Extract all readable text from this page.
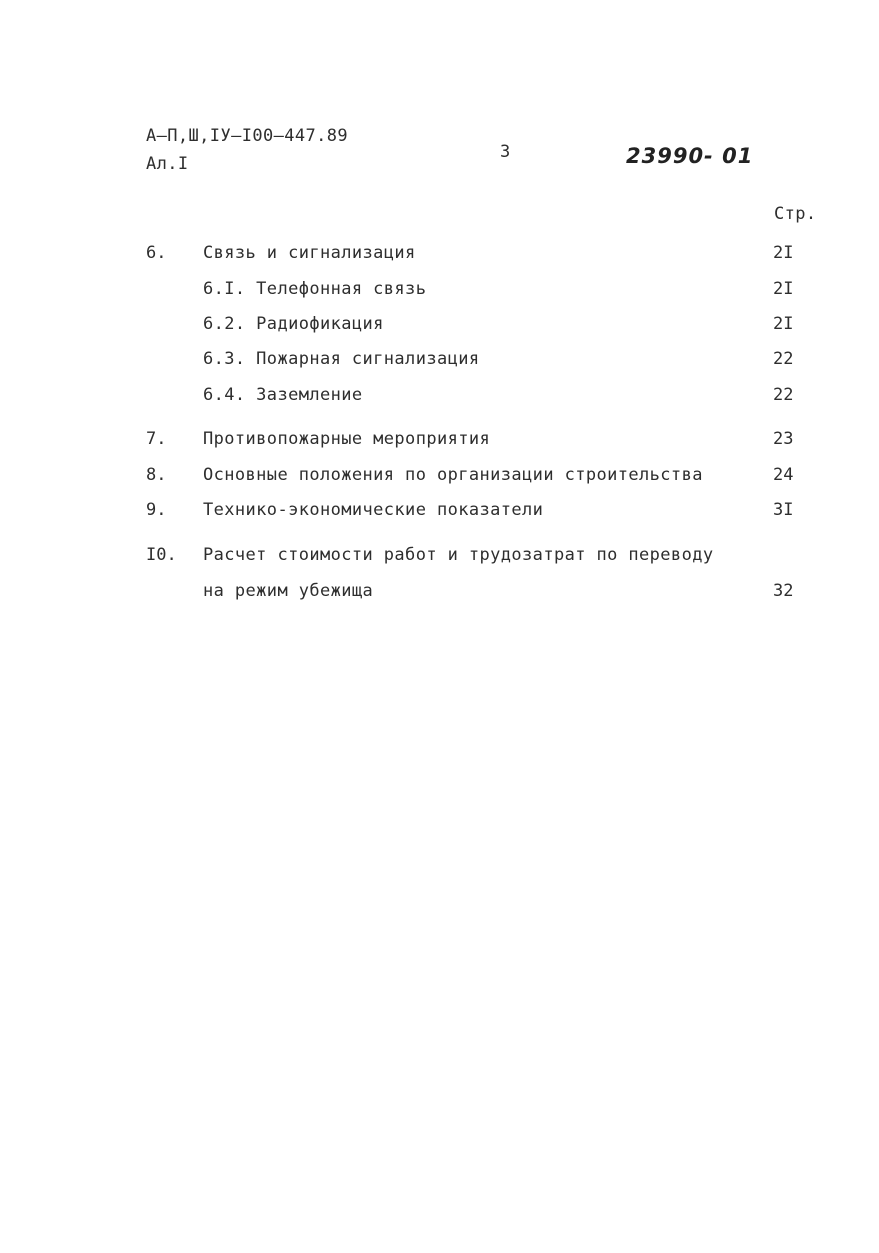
А–П,Ш,IУ–I00–447.89
Ал.I
3	23990- 01
Стр.
6. Связь и сигнализация .....	2I
6.I. Телефонная связь .....	2I
6.2. Радиофикация .....	2I
6.3. Пожарная сигнализация .....	22
6.4. Заземление .....	22
7. Противопожарные мероприятия .....	23
8. Основные положения по организации строительства .....	24
9. Технико-экономические показатели .....	3I
I0. Расчет стоимости работ и трудозатрат по переводу
на режим убежища .....	32
